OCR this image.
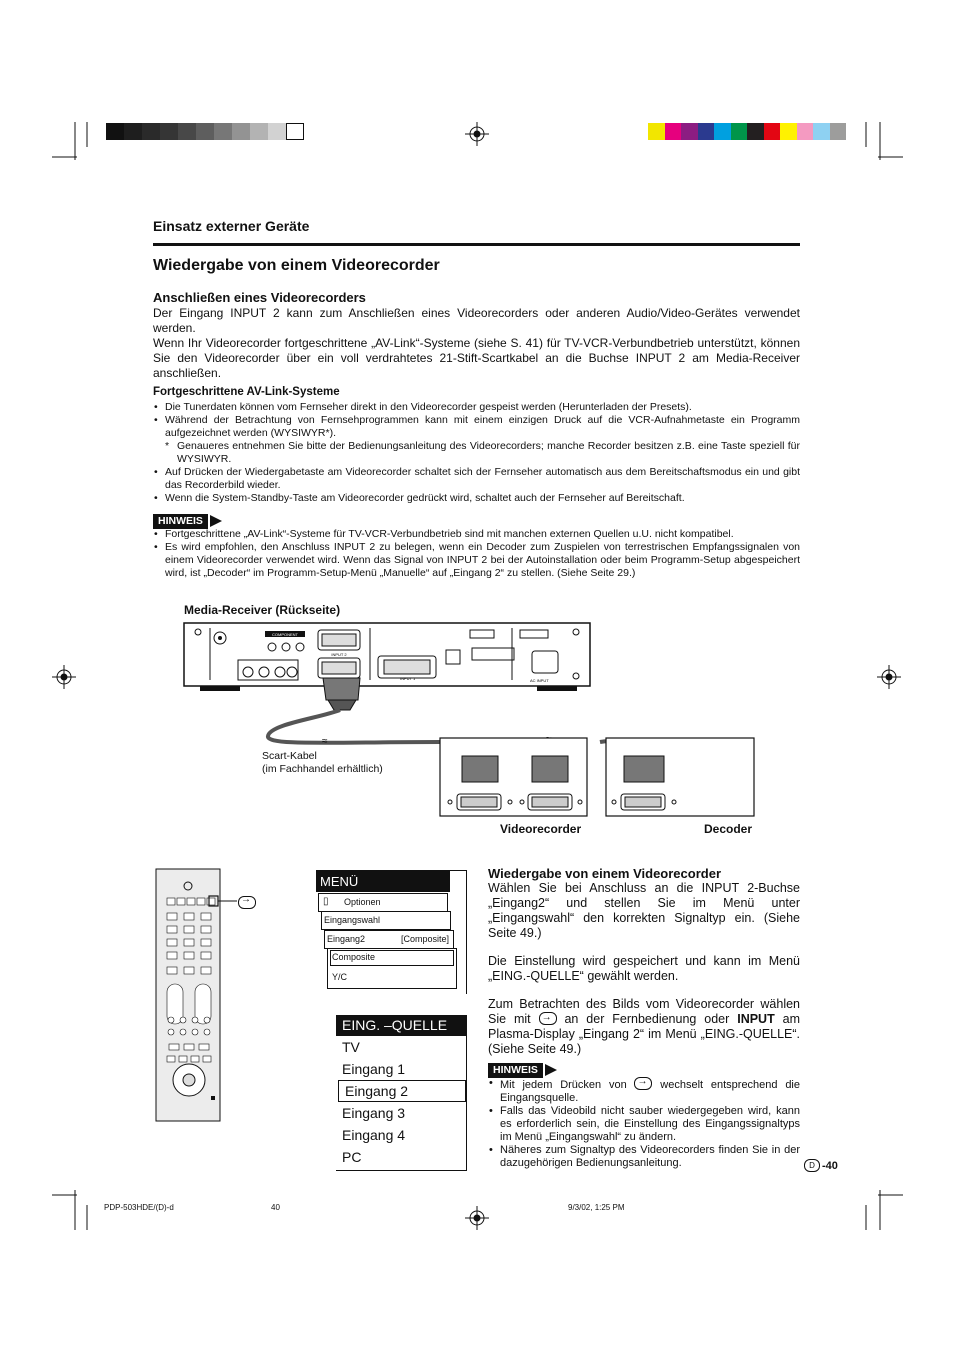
Einsatz externer Geräte
Wiedergabe von einem Videorecorder
Anschließen eines Videorecorders
Der Eingang INPUT 2 kann zum Anschließen eines Videorecorders oder anderen Audio/Video-Gerätes verwendet werden.
Wenn Ihr Videorecorder fortgeschrittene „AV-Link“-Systeme (siehe S. 41) für TV-VCR-Verbundbetrieb unterstützt, können Sie den Videorecorder über ein voll verdrahtetes 21-Stift-Scartkabel an die Buchse INPUT 2 am Media-Receiver anschließen.
Fortgeschrittene AV-Link-Systeme
• Die Tunerdaten können vom Fernseher direkt in den Videorecorder gespeist werden (Herunterladen der Presets).
• Während der Betrachtung von Fernsehprogrammen kann mit einem einzigen Druck auf die VCR-Aufnahmetaste ein Programm aufgezeichnet werden (WYSIWYR*).
* Genaueres entnehmen Sie bitte der Bedienungsanleitung des Videorecorders; manche Recorder besitzen z.B. eine Taste speziell für WYSIWYR.
• Auf Drücken der Wiedergabetaste am Videorecorder schaltet sich der Fernseher automatisch aus dem Bereitschaftsmodus ein und gibt das Recorderbild wieder.
• Wenn die System-Standby-Taste am Videorecorder gedrückt wird, schaltet auch der Fernseher auf Bereitschaft.
HINWEIS
• Fortgeschrittene „AV-Link“-Systeme für TV-VCR-Verbundbetrieb sind mit manchen externen Quellen u.U. nicht kompatibel.
• Es wird empfohlen, den Anschluss INPUT 2 zu belegen, wenn ein Decoder zum Zuspielen von terrestrischen Empfangssignalen von einem Videorecorder verwendet wird. Wenn das Signal von INPUT 2 bei der Autoinstallation oder beim Programm-Setup abgespeichert wird, ist „Decoder“ im Programm-Setup-Menü „Manuelle“ auf „Eingang 2“ zu stellen. (Siehe Seite 29.)
Media-Receiver (Rückseite)
COMPONENT
INPUT 2
INPUT 1	AC INPUT
≈
Scart-Kabel
(im Fachhandel erhältlich)
Videorecorder	Decoder
→
MENÜ
▯ Optionen
Eingangswahl
Eingang2	[Composite]
Composite
Y/C
EING. –QUELLE
TV
Eingang 1
Eingang 2
Eingang 3
Eingang 4
PC
Wiedergabe von einem Videorecorder
Wählen Sie bei Anschluss an die INPUT 2-Buchse „Eingang2“ und stellen Sie im Menü unter „Eingangswahl“ den korrekten Signaltyp ein. (Siehe Seite 49.)
Die Einstellung wird gespeichert und kann im Menü „EING.-QUELLE“ gewählt werden.
Zum Betrachten des Bilds vom Videorecorder wählen Sie mit →	an der Fernbedienung oder INPUT am Plasma-Display „Eingang 2“ im Menü „EING.-QUELLE“. (Siehe Seite 49.)
HINWEIS
• Mit jedem Drücken von →	wechselt entsprechend die Eingangsquelle.
• Falls das Videobild nicht sauber wiedergegeben wird, kann es erforderlich sein, die Einstellung des Eingangssignaltyps im Menü „Eingangswahl“ zu ändern.
• Näheres zum Signaltyp des Videorecorders finden Sie in der dazugehörigen Bedienungsanleitung.	D -40
PDP-503HDE/(D)-d	40	9/3/02, 1:25 PM
